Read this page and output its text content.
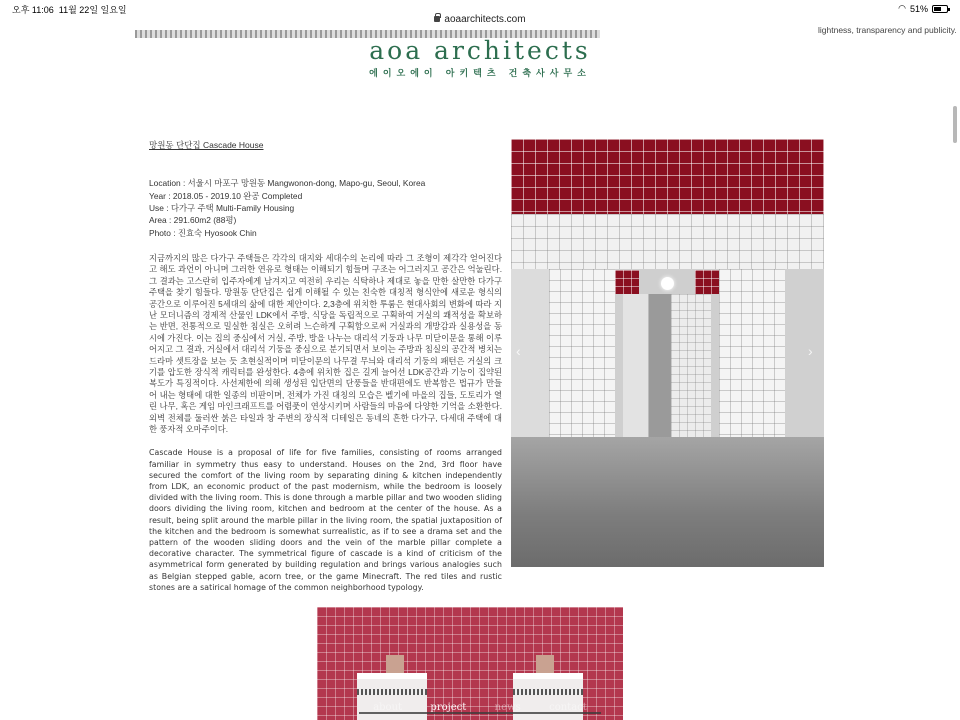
오후 11:06 11월 22일 일요일	◠ 51%
aoaarchitects.com
lightness, transparency and publicity.
aoa architects
에이오에이 아키텍츠 건축사사무소
망원동 단단집 Cascade House
Location : 서울시 마포구 망원동 Mangwonon-dong, Mapo-gu, Seoul, Korea
Year : 2018.05 - 2019.10 완공 Completed
Use : 다가구 주택 Multi-Family Housing
Area : 291.60m2 (88평)
Photo : 진효숙 Hyosook Chin

지금까지의 많은 다가구 주택들은 각각의 대지와 세대수의 논리에 따라 그 조형이 제각각 얻어진다고 해도 과언이 아니며 그러한 연유로 형태는 이해되기 힘들며 구조는 어그러지고 공간은 억눌린다. 그 결과는 고스란히 입주자에게 남겨지고 여전히 우리는 식탁하나 제대로 놓을 만한 살만한 다가구주택을 찾기 힘들다. 망원동 단단집은 쉽게 이해될 수 있는 친숙한 대칭적 형식안에 새로운 형식의 공간으로 이루어진 5세대의 삶에 대한 제안이다. 2,3층에 위치한 투룸은 현대사회의 변화에 따라 지난 모더니즘의 경제적 산물인 LDK에서 주방, 식당을 독립적으로 구획하여 거실의 쾌적성을 확보하는 반면, 전통적으로 밀실한 침실은 오히려 느슨하게 구획함으로써 거실과의 개방감과 실용성을 동시에 가진다. 이는 집의 중심에서 거실, 주방, 방을 나누는 대리석 기둥과 나무 미닫이문을 통해 이루어지고 그 결과, 거실에서 대리석 기둥을 중심으로 분기되면서 보이는 주방과 침실의 공간적 병치는 드라마 셋트장을 보는 듯 초현실적이며 미닫이문의 나무결 무늬와 대리석 기둥의 패턴은 거실의 크기를 압도한 장식적 캐릭터를 완성한다. 4층에 위치한 집은 길게 늘어선 LDK공간과 기능이 집약된 복도가 특징적이다. 사선제한에 의해 생성된 입단면의 단풍들을 반대편에도 반복함은 법규가 만들어 내는 형태에 대한 일종의 비판이며, 전체가 가진 대칭의 모습은 벨기에 마을의 집들, 도토리가 열린 나무, 혹은 게임 마인크래프트를 어렴풋이 연상시키며 사람들의 마음에 다양한 기억을 소환한다. 외벽 전체를 둘러싼 붉은 타일과 창 주변의 장식적 디테일은 동네의 흔한 다가구, 다세대 주택에 대한 풍자적 오마주이다.

Cascade House is a proposal of life for five families, consisting of rooms arranged familiar in symmetry thus easy to understand. Houses on the 2nd, 3rd floor have secured the comfort of the living room by separating dining & kitchen independently from LDK, an economic product of the past modernism, while the bedroom is loosely divided with the living room. This is done through a marble pillar and two wooden sliding doors dividing the living room, kitchen and bedroom at the center of the house. As a result, being split around the marble pillar in the living room, the spatial juxtaposition of the kitchen and the bedroom is somewhat surrealistic, as if to see a drama set and the pattern of the wooden sliding doors and the vein of the marble pillar complete a decorative character. The symmetrical figure of cascade is a kind of criticism of the asymmetrical form generated by building regulation and brings various analogies such as Belgian stepped gable, acorn tree, or the game Minecraft. The red tiles and rustic stones are a satirical homage of the common neighborhood typology.

‹	›
about	project	news	contact
